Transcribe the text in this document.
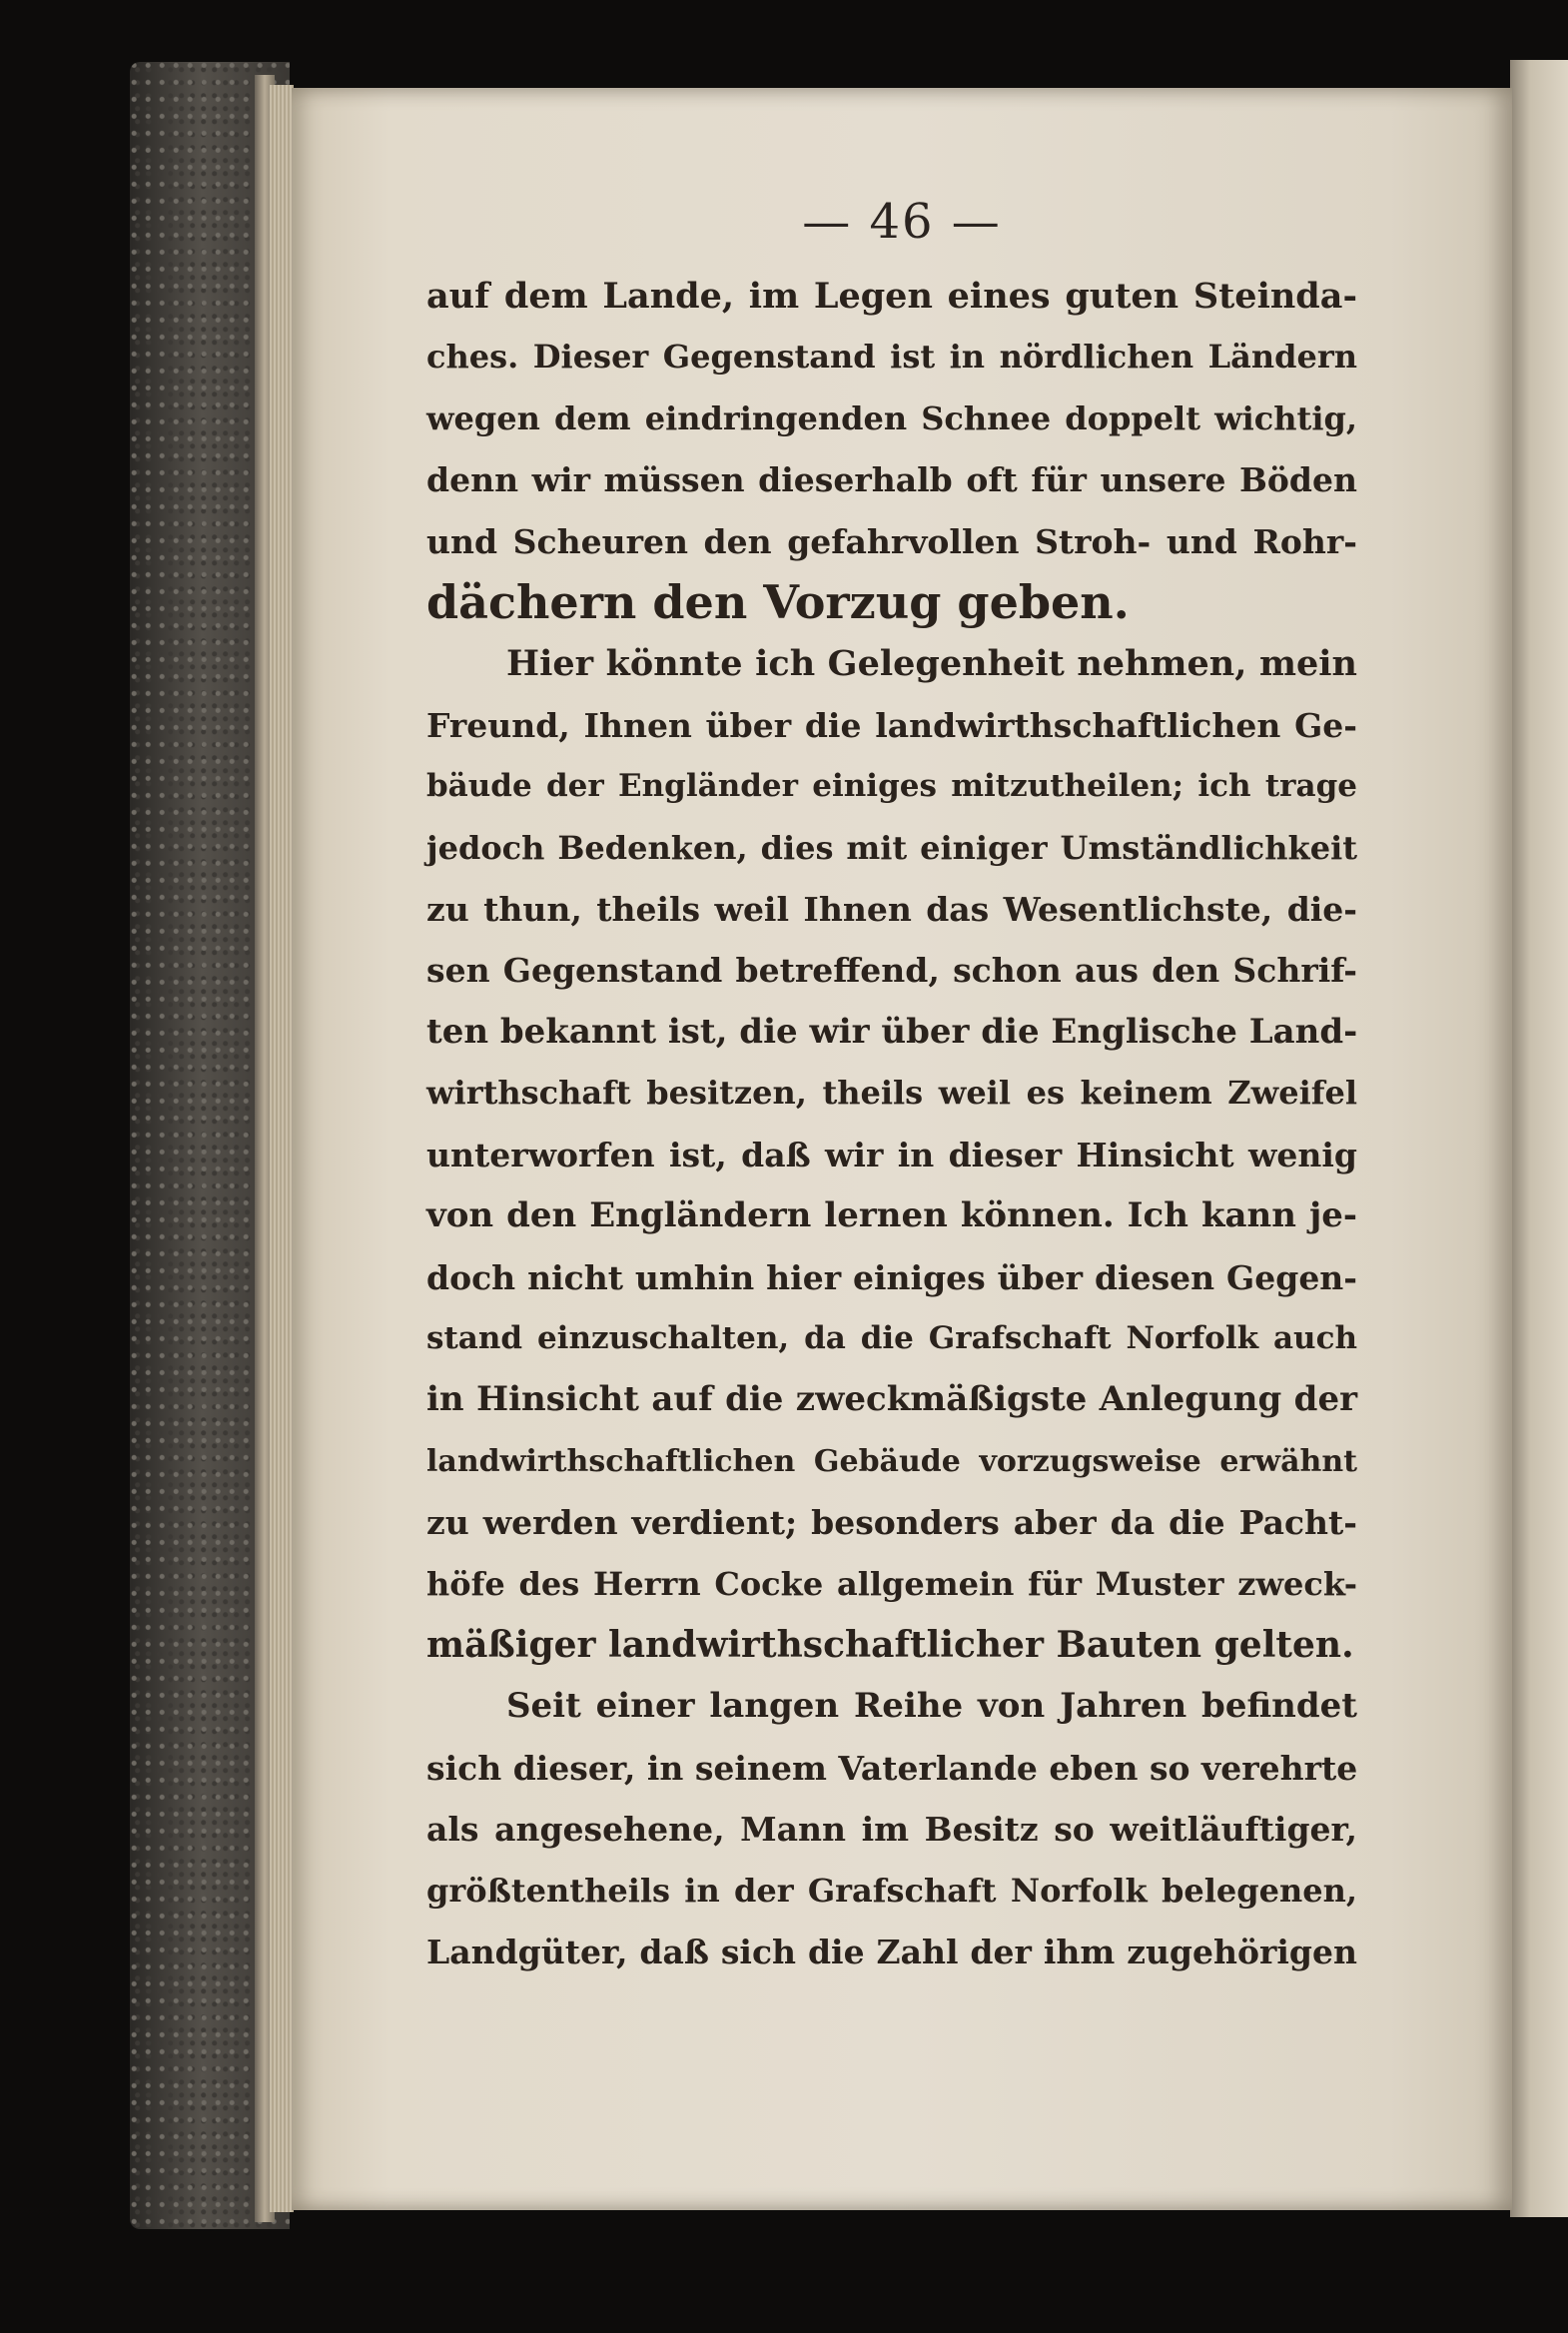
— 46 —
auf dem Lande, im Legen eines guten Steinda-
ches. Dieser Gegenstand ist in nördlichen Ländern
wegen dem eindringenden Schnee doppelt wichtig,
denn wir müssen dieserhalb oft für unsere Böden
und Scheuren den gefahrvollen Stroh- und Rohr-
dächern den Vorzug geben.
Hier könnte ich Gelegenheit nehmen, mein
Freund, Ihnen über die landwirthschaftlichen Ge-
bäude der Engländer einiges mitzutheilen; ich trage
jedoch Bedenken, dies mit einiger Umständlichkeit
zu thun, theils weil Ihnen das Wesentlichste, die-
sen Gegenstand betreffend, schon aus den Schrif-
ten bekannt ist, die wir über die Englische Land-
wirthschaft besitzen, theils weil es keinem Zweifel
unterworfen ist, daß wir in dieser Hinsicht wenig
von den Engländern lernen können. Ich kann je-
doch nicht umhin hier einiges über diesen Gegen-
stand einzuschalten, da die Grafschaft Norfolk auch
in Hinsicht auf die zweckmäßigste Anlegung der
landwirthschaftlichen Gebäude vorzugsweise erwähnt
zu werden verdient; besonders aber da die Pacht-
höfe des Herrn Cocke allgemein für Muster zweck-
mäßiger landwirthschaftlicher Bauten gelten.
Seit einer langen Reihe von Jahren befindet
sich dieser, in seinem Vaterlande eben so verehrte
als angesehene, Mann im Besitz so weitläuftiger,
größtentheils in der Grafschaft Norfolk belegenen,
Landgüter, daß sich die Zahl der ihm zugehörigen
